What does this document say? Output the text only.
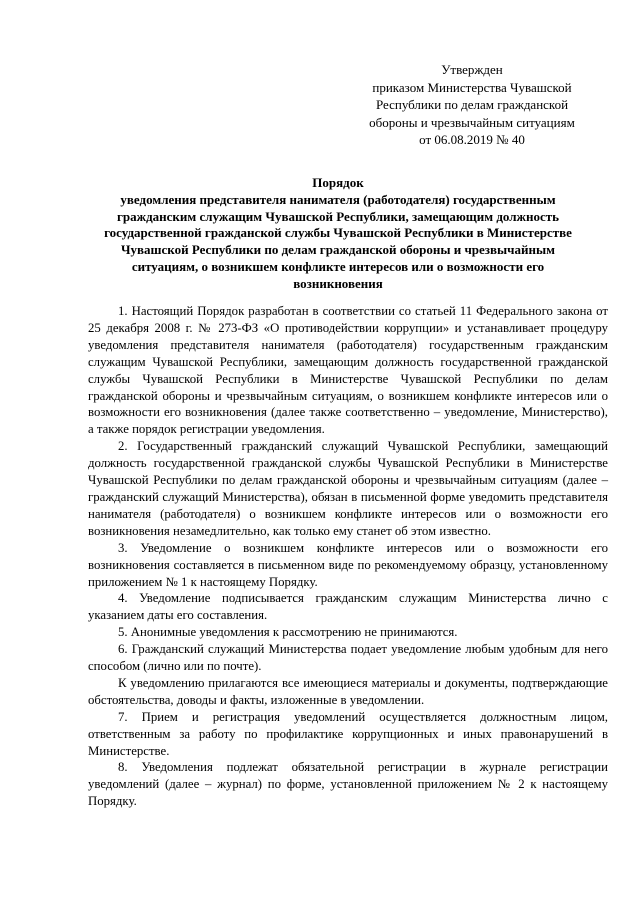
Утвержден
приказом Министерства Чувашской
Республики по делам гражданской
обороны и чрезвычайным ситуациям
от 06.08.2019 № 40
Порядок
уведомления представителя нанимателя (работодателя) государственным
гражданским служащим Чувашской Республики, замещающим должность
государственной гражданской службы Чувашской Республики в Министерстве
Чувашской Республики по делам гражданской обороны и чрезвычайным
ситуациям, о возникшем конфликте интересов или о возможности его
возникновения

1. Настоящий Порядок разработан в соответствии со статьей 11 Федерального закона от 25 декабря 2008 г. № 273-ФЗ «О противодействии коррупции» и устанавливает процедуру уведомления представителя нанимателя (работодателя) государственным гражданским служащим Чувашской Республики, замещающим должность государственной гражданской службы Чувашской Республики в Министерстве Чувашской Республики по делам гражданской обороны и чрезвычайным ситуациям, о возникшем конфликте интересов или о возможности его возникновения (далее также соответственно – уведомление, Министерство), а также порядок регистрации уведомления.

2. Государственный гражданский служащий Чувашской Республики, замещающий должность государственной гражданской службы Чувашской Республики в Министерстве Чувашской Республики по делам гражданской обороны и чрезвычайным ситуациям (далее – гражданский служащий Министерства), обязан в письменной форме уведомить представителя нанимателя (работодателя) о возникшем конфликте интересов или о возможности его возникновения незамедлительно, как только ему станет об этом известно.

3. Уведомление о возникшем конфликте интересов или о возможности его возникновения составляется в письменном виде по рекомендуемому образцу, установленному приложением № 1 к настоящему Порядку.

4. Уведомление подписывается гражданским служащим Министерства лично с указанием даты его составления.

5. Анонимные уведомления к рассмотрению не принимаются.

6. Гражданский служащий Министерства подает уведомление любым удобным для него способом (лично или по почте).

К уведомлению прилагаются все имеющиеся материалы и документы, подтверждающие обстоятельства, доводы и факты, изложенные в уведомлении.

7. Прием и регистрация уведомлений осуществляется должностным лицом, ответственным за работу по профилактике коррупционных и иных правонарушений в Министерстве.

8. Уведомления подлежат обязательной регистрации в журнале регистрации уведомлений (далее – журнал) по форме, установленной приложением № 2 к настоящему Порядку.
